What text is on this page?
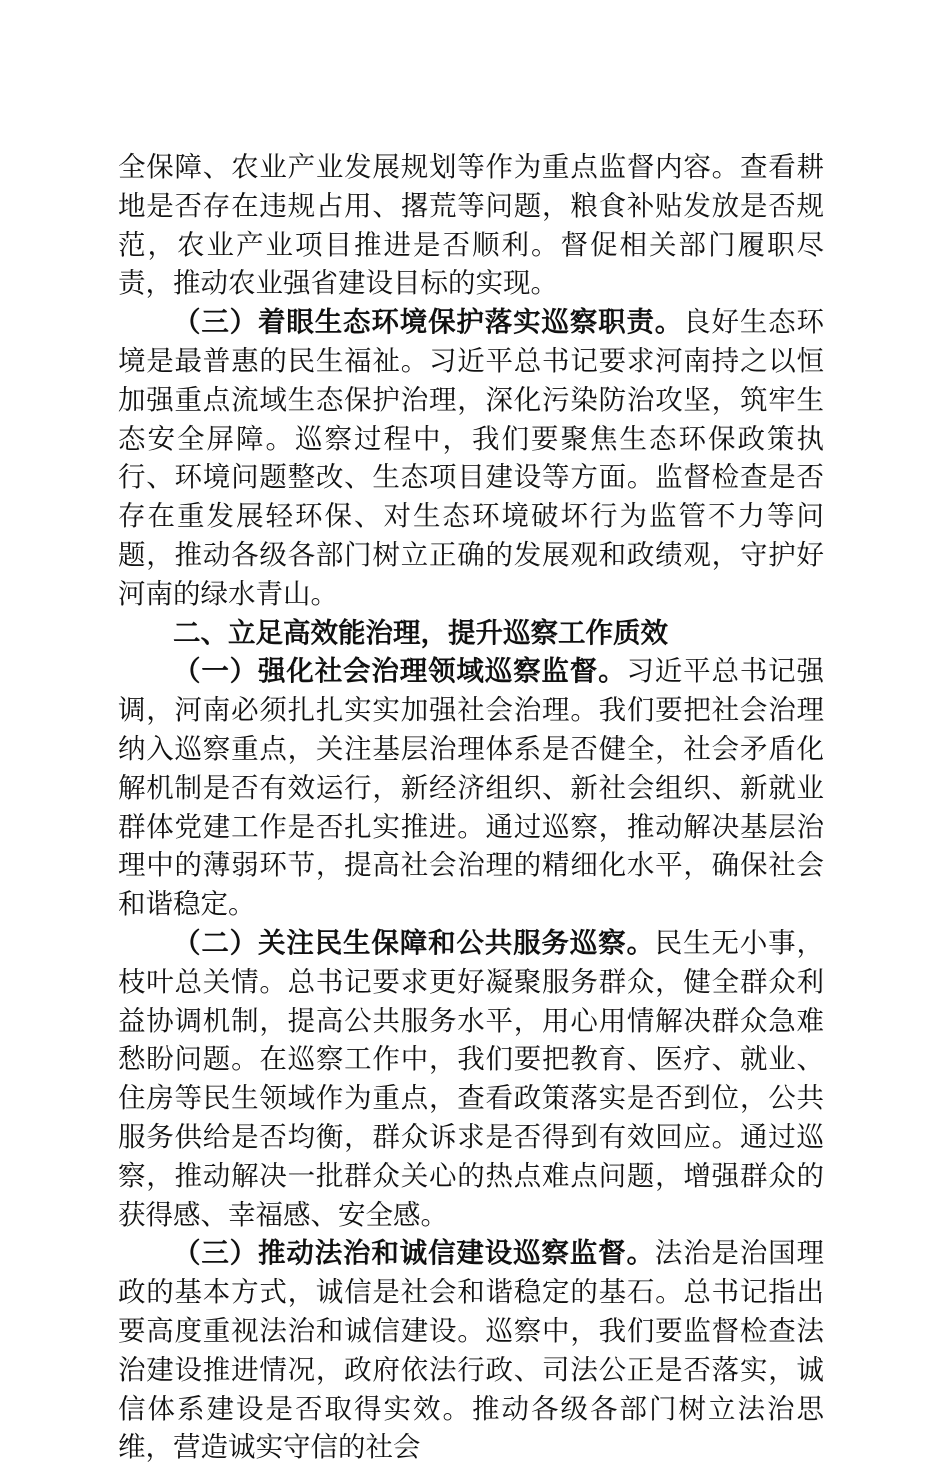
全保障、农业产业发展规划等作为重点监督内容。查看耕地是否存在违规占用、撂荒等问题，粮食补贴发放是否规范，农业产业项目推进是否顺利。督促相关部门履职尽责，推动农业强省建设目标的实现。

（三）着眼生态环境保护落实巡察职责。良好生态环境是最普惠的民生福祉。习近平总书记要求河南持之以恒加强重点流域生态保护治理，深化污染防治攻坚，筑牢生态安全屏障。巡察过程中，我们要聚焦生态环保政策执行、环境问题整改、生态项目建设等方面。监督检查是否存在重发展轻环保、对生态环境破坏行为监管不力等问题，推动各级各部门树立正确的发展观和政绩观，守护好河南的绿水青山。

二、立足高效能治理，提升巡察工作质效

（一）强化社会治理领域巡察监督。习近平总书记强调，河南必须扎扎实实加强社会治理。我们要把社会治理纳入巡察重点，关注基层治理体系是否健全，社会矛盾化解机制是否有效运行，新经济组织、新社会组织、新就业群体党建工作是否扎实推进。通过巡察，推动解决基层治理中的薄弱环节，提高社会治理的精细化水平，确保社会和谐稳定。

（二）关注民生保障和公共服务巡察。民生无小事，枝叶总关情。总书记要求更好凝聚服务群众，健全群众利益协调机制，提高公共服务水平，用心用情解决群众急难愁盼问题。在巡察工作中，我们要把教育、医疗、就业、住房等民生领域作为重点，查看政策落实是否到位，公共服务供给是否均衡，群众诉求是否得到有效回应。通过巡察，推动解决一批群众关心的热点难点问题，增强群众的获得感、幸福感、安全感。

（三）推动法治和诚信建设巡察监督。法治是治国理政的基本方式，诚信是社会和谐稳定的基石。总书记指出要高度重视法治和诚信建设。巡察中，我们要监督检查法治建设推进情况，政府依法行政、司法公正是否落实，诚信体系建设是否取得实效。推动各级各部门树立法治思维，营造诚实守信的社会
